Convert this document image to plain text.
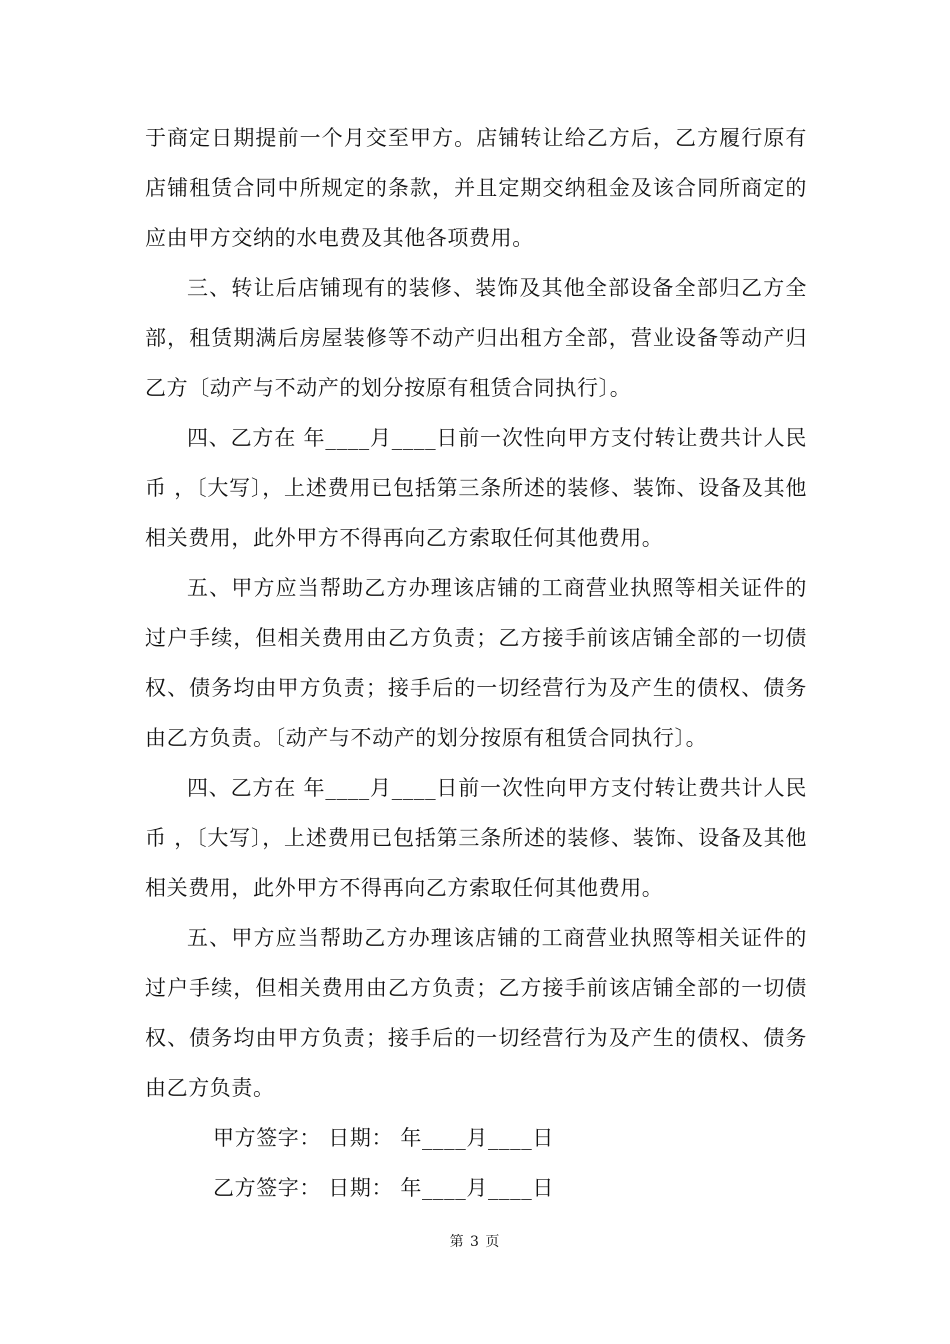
于商定日期提前一个月交至甲方。店铺转让给乙方后，乙方履行原有店铺租赁合同中所规定的条款，并且定期交纳租金及该合同所商定的应由甲方交纳的水电费及其他各项费用。

三、转让后店铺现有的装修、装饰及其他全部设备全部归乙方全部，租赁期满后房屋装修等不动产归出租方全部，营业设备等动产归乙方〔动产与不动产的划分按原有租赁合同执行〕。

四、乙方在 年____月____日前一次性向甲方支付转让费共计人民币 ，〔大写〕，上述费用已包括第三条所述的装修、装饰、设备及其他相关费用，此外甲方不得再向乙方索取任何其他费用。

五、甲方应当帮助乙方办理该店铺的工商营业执照等相关证件的过户手续，但相关费用由乙方负责；乙方接手前该店铺全部的一切债权、债务均由甲方负责；接手后的一切经营行为及产生的债权、债务由乙方负责。〔动产与不动产的划分按原有租赁合同执行〕。

四、乙方在 年____月____日前一次性向甲方支付转让费共计人民币 ，〔大写〕，上述费用已包括第三条所述的装修、装饰、设备及其他相关费用，此外甲方不得再向乙方索取任何其他费用。

五、甲方应当帮助乙方办理该店铺的工商营业执照等相关证件的过户手续，但相关费用由乙方负责；乙方接手前该店铺全部的一切债权、债务均由甲方负责；接手后的一切经营行为及产生的债权、债务由乙方负责。

甲方签字： 日期： 年____月____日

乙方签字： 日期： 年____月____日

第 3 页
